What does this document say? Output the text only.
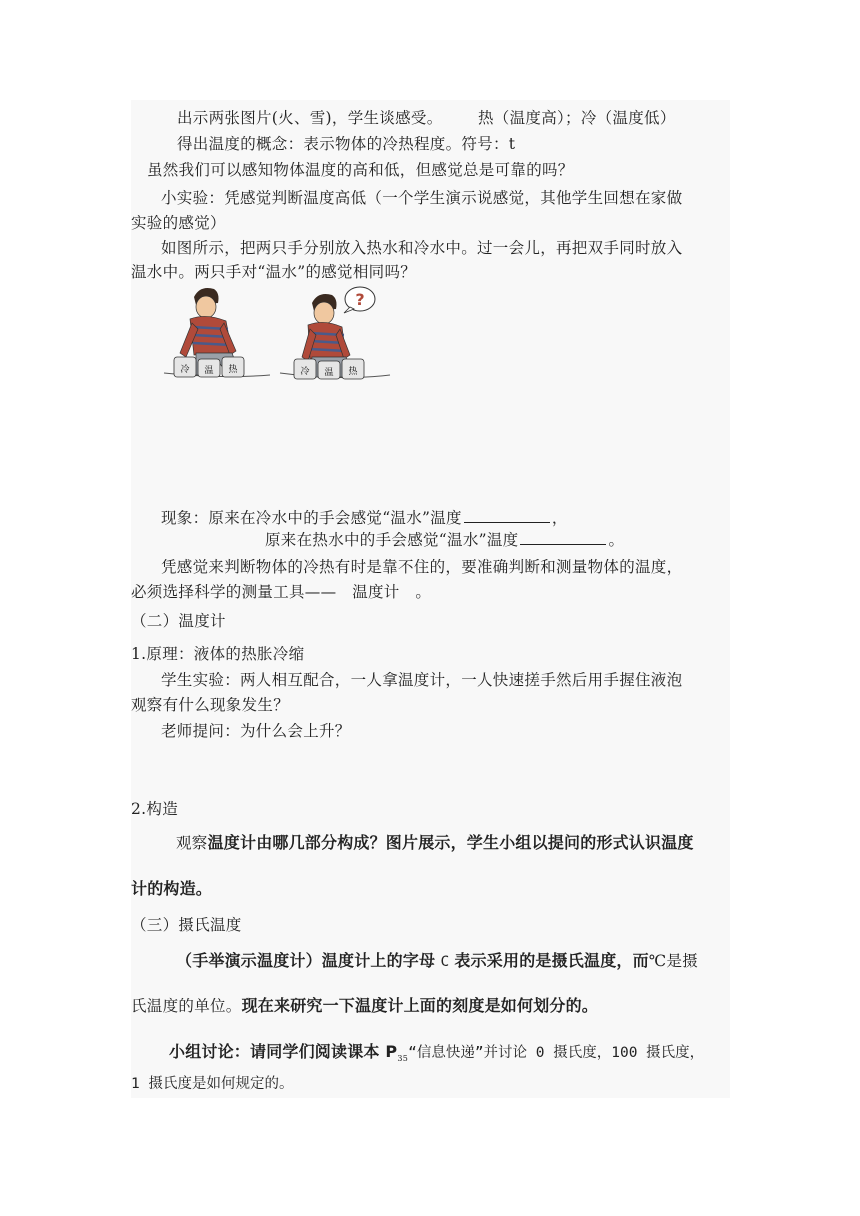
出示两张图片(火、雪)，学生谈感受。 热（温度高）；冷（温度低）
得出温度的概念：表示物体的冷热程度。符号：t
虽然我们可以感知物体温度的高和低，但感觉总是可靠的吗？
小实验：凭感觉判断温度高低（一个学生演示说感觉，其他学生回想在家做
实验的感觉）
如图所示，把两只手分别放入热水和冷水中。过一会儿，再把双手同时放入
温水中。两只手对“温水”的感觉相同吗？
冷 温 热
?
冷 温 热
现象：原来在冷水中的手会感觉“温水”温度	，
原来在热水中的手会感觉“温水”温度	。
凭感觉来判断物体的冷热有时是靠不住的，要准确判断和测量物体的温度，
必须选择科学的测量工具——　温度计　。
（二）温度计
1.原理：液体的热胀冷缩
学生实验：两人相互配合，一人拿温度计，一人快速搓手然后用手握住液泡
观察有什么现象发生？
老师提问：为什么会上升？
2.构造
观察温度计由哪几部分构成？图片展示，学生小组以提问的形式认识温度
计的构造。
（三）摄氏温度
（手举演示温度计）温度计上的字母 C 表示采用的是摄氏温度，而℃是摄
氏温度的单位。现在来研究一下温度计上面的刻度是如何划分的。
小组讨论：请同学们阅读课本 $P_{35}“$信息快递”并讨论 0 摄氏度，100 摄氏度，
1 摄氏度是如何规定的。
